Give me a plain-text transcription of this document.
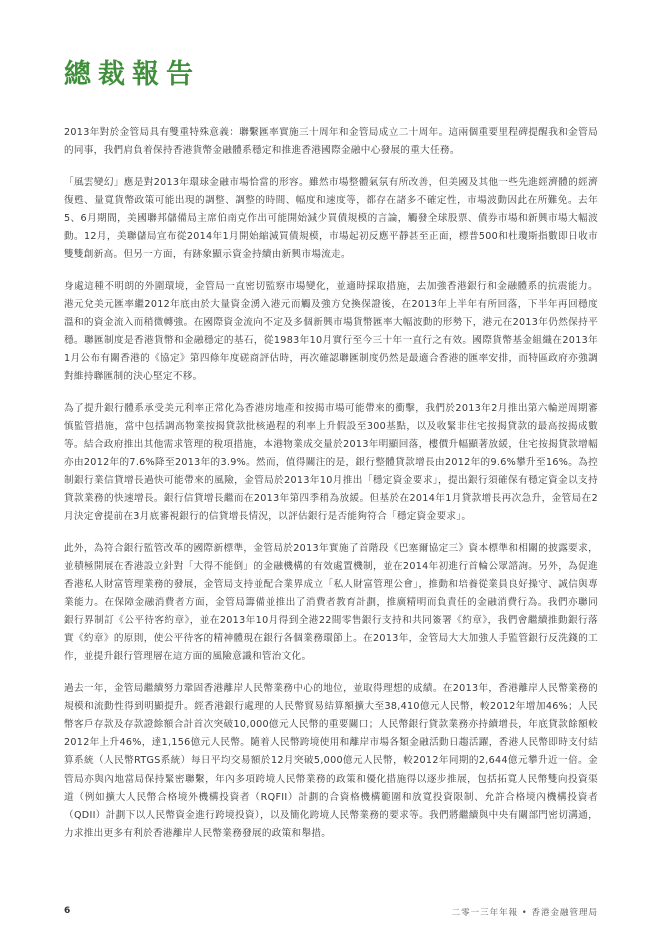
總裁報告

2013年對於金管局具有雙重特殊意義：聯繫匯率實施三十周年和金管局成立二十周年。這兩個重要里程碑提醒我和金管局的同事，我們肩負着保持香港貨幣金融體系穩定和推進香港國際金融中心發展的重大任務。

「風雲變幻」應是對2013年環球金融市場恰當的形容。雖然市場整體氣氛有所改善，但美國及其他一些先進經濟體的經濟復甦、量寬貨幣政策可能出現的調整、調整的時間、幅度和速度等，都存在諸多不確定性，市場波動因此在所難免。去年5、6月期間，美國聯邦儲備局主席伯南克作出可能開始減少買債規模的言論，觸發全球股票、債券市場和新興市場大幅波動。12月，美聯儲局宣布從2014年1月開始縮減買債規模，市場起初反應平靜甚至正面，標普500和杜瓊斯指數即日收市雙雙創新高。但另一方面，有跡象顯示資金持續由新興市場流走。

身處這種不明朗的外圍環境，金管局一直密切監察市場變化，並適時採取措施，去加強香港銀行和金融體系的抗震能力。港元兌美元匯率繼2012年底由於大量資金湧入港元而觸及強方兌換保證後，在2013年上半年有所回落，下半年再回穩度溫和的資金流入而稍微轉強。在國際資金流向不定及多個新興市場貨幣匯率大幅波動的形勢下，港元在2013年仍然保持平穩。聯匯制度是香港貨幣和金融穩定的基石，從1983年10月實行至今三十年一直行之有效。國際貨幣基金組織在2013年1月公布有關香港的《協定》第四條年度磋商評估時，再次確認聯匯制度仍然是最適合香港的匯率安排，而特區政府亦強調對維持聯匯制的決心堅定不移。

為了提升銀行體系承受美元利率正常化為香港房地產和按揭市場可能帶來的衝擊，我們於2013年2月推出第六輪逆周期審慎監管措施，當中包括調高物業按揭貸款批核過程的利率上升假設至300基點，以及收緊非住宅按揭貸款的最高按揭成數等。結合政府推出其他需求管理的稅項措施，本港物業成交量於2013年明顯回落，樓價升幅顯著放緩，住宅按揭貸款增幅亦由2012年的7.6%降至2013年的3.9%。然而，值得關注的是，銀行整體貸款增長由2012年的9.6%攀升至16%。為控制銀行業信貸增長過快可能帶來的風險，金管局於2013年10月推出「穩定資金要求」，提出銀行須確保有穩定資金以支持貸款業務的快速增長。銀行信貸增長繼而在2013年第四季稍為放緩。但基於在2014年1月貸款增長再次急升，金管局在2月決定會提前在3月底審視銀行的信貸增長情況，以評估銀行是否能夠符合「穩定資金要求」。

此外，為符合銀行監管改革的國際新標準，金管局於2013年實施了首階段《巴塞爾協定三》資本標準和相關的披露要求，並積極開展在香港設立針對「大得不能倒」的金融機構的有效處置機制，並在2014年初進行首輪公眾諮詢。另外，為促進香港私人財富管理業務的發展，金管局支持並配合業界成立「私人財富管理公會」，推動和培養從業員良好操守、誠信與專業能力。在保障金融消費者方面，金管局籌備並推出了消費者教育計劃，推廣精明而負責任的金融消費行為。我們亦聯同銀行界制訂《公平待客約章》，並在2013年10月得到全港22間零售銀行支持和共同簽署《約章》，我們會繼續推動銀行落實《約章》的原則，使公平待客的精神體現在銀行各個業務環節上。在2013年，金管局大大加強人手監管銀行反洗錢的工作，並提升銀行管理層在這方面的風險意識和管治文化。

過去一年，金管局繼續努力鞏固香港離岸人民幣業務中心的地位，並取得理想的成績。在2013年，香港離岸人民幣業務的規模和流動性得到明顯提升。經香港銀行處理的人民幣貿易結算額擴大至38,410億元人民幣，較2012年增加46%；人民幣客戶存款及存款證餘額合計首次突破10,000億元人民幣的重要關口；人民幣銀行貸款業務亦持續增長，年底貸款餘額較2012年上升46%，達1,156億元人民幣。隨着人民幣跨境使用和離岸市場各類金融活動日趨活躍，香港人民幣即時支付結算系統（人民幣RTGS系統）每日平均交易額於12月突破5,000億元人民幣，較2012年同期的2,644億元攀升近一倍。金管局亦與內地當局保持緊密聯繫，年內多項跨境人民幣業務的政策和優化措施得以逐步推展，包括拓寬人民幣雙向投資渠道（例如擴大人民幣合格境外機構投資者（RQFII）計劃的合資格機構範圍和放寬投資限制、允許合格境內機構投資者（QDII）計劃下以人民幣資金進行跨境投資），以及簡化跨境人民幣業務的要求等。我們將繼續與中央有關部門密切溝通，力求推出更多有利於香港離岸人民幣業務發展的政策和舉措。

6	二零一三年年報 • 香港金融管理局
